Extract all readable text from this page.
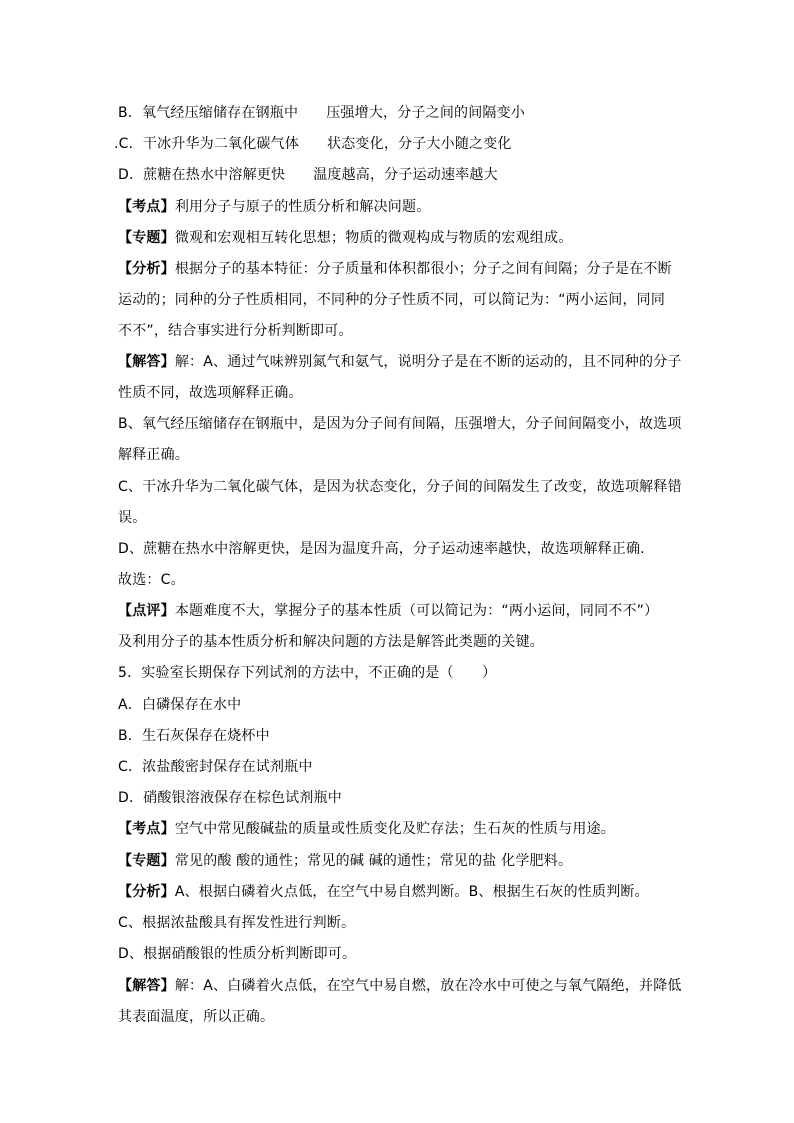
B．氧气经压缩储存在钢瓶中 压强增大，分子之间的间隔变小
.C．干冰升华为二氧化碳气体 状态变化，分子大小随之变化
D．蔗糖在热水中溶解更快 温度越高，分子运动速率越大
【考点】利用分子与原子的性质分析和解决问题。
【专题】微观和宏观相互转化思想；物质的微观构成与物质的宏观组成。
【分析】根据分子的基本特征：分子质量和体积都很小；分子之间有间隔；分子是在不断
运动的；同种的分子性质相同，不同种的分子性质不同，可以简记为：“两小运间，同同
不不”，结合事实进行分析判断即可。
【解答】解：A、通过气味辨别氮气和氨气，说明分子是在不断的运动的，且不同种的分子
性质不同，故选项解释正确。
B、氧气经压缩储存在钢瓶中，是因为分子间有间隔，压强增大，分子间间隔变小，故选项
解释正确。
C、干冰升华为二氧化碳气体，是因为状态变化，分子间的间隔发生了改变，故选项解释错
误。
D、蔗糖在热水中溶解更快，是因为温度升高，分子运动速率越快，故选项解释正确.
故选：C。
【点评】本题难度不大，掌握分子的基本性质（可以简记为：“两小运间，同同不不”）
及利用分子的基本性质分析和解决问题的方法是解答此类题的关键。
5．实验室长期保存下列试剂的方法中，不正确的是（　　）
A．白磷保存在水中
B．生石灰保存在烧杯中
C．浓盐酸密封保存在试剂瓶中
D．硝酸银溶液保存在棕色试剂瓶中
【考点】空气中常见酸碱盐的质量或性质变化及贮存法；生石灰的性质与用途。
【专题】常见的酸 酸的通性；常见的碱 碱的通性；常见的盐 化学肥料。
【分析】A、根据白磷着火点低，在空气中易自燃判断。B、根据生石灰的性质判断。
C、根据浓盐酸具有挥发性进行判断。
D、根据硝酸银的性质分析判断即可。
【解答】解：A、白磷着火点低，在空气中易自燃，放在冷水中可使之与氧气隔绝，并降低
其表面温度，所以正确。
